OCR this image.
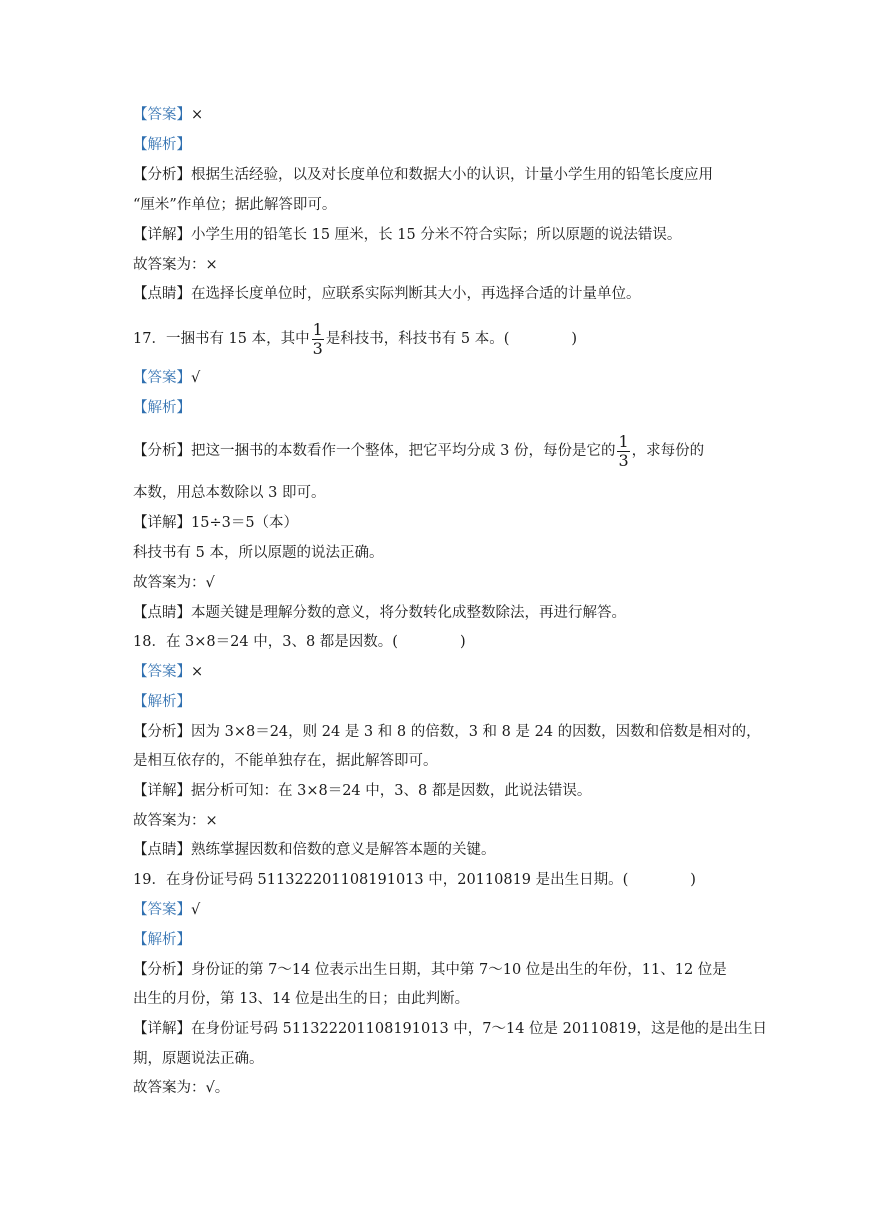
【答案】×
【解析】
【分析】根据生活经验，以及对长度单位和数据大小的认识，计量小学生用的铅笔长度应用
“厘米”作单位；据此解答即可。
【详解】小学生用的铅笔长 15 厘米，长 15 分米不符合实际；所以原题的说法错误。
故答案为：×
【点睛】在选择长度单位时，应联系实际判断其大小，再选择合适的计量单位。
17．一捆书有 15 本，其中 $\frac{1}{3}$ 是科技书，科技书有 5 本。(	)
【答案】√
【解析】
【分析】把这一捆书的本数看作一个整体，把它平均分成 3 份，每份是它的 $\frac{1}{3}$ ，求每份的
本数，用总本数除以 3 即可。
【详解】15÷3＝5（本）
科技书有 5 本，所以原题的说法正确。
故答案为：√
【点睛】本题关键是理解分数的意义，将分数转化成整数除法，再进行解答。
18．在 3×8＝24 中，3、8 都是因数。(	)
【答案】×
【解析】
【分析】因为 3×8＝24，则 24 是 3 和 8 的倍数，3 和 8 是 24 的因数，因数和倍数是相对的，
是相互依存的，不能单独存在，据此解答即可。
【详解】据分析可知：在 3×8＝24 中，3、8 都是因数，此说法错误。
故答案为：×
【点睛】熟练掌握因数和倍数的意义是解答本题的关键。
19．在身份证号码 511322201108191013 中，20110819 是出生日期。(	)
【答案】√
【解析】
【分析】身份证的第 7～14 位表示出生日期，其中第 7～10 位是出生的年份，11、12 位是
出生的月份，第 13、14 位是出生的日；由此判断。
【详解】在身份证号码 511322201108191013 中，7～14 位是 20110819，这是他的是出生日
期，原题说法正确。
故答案为：√。
